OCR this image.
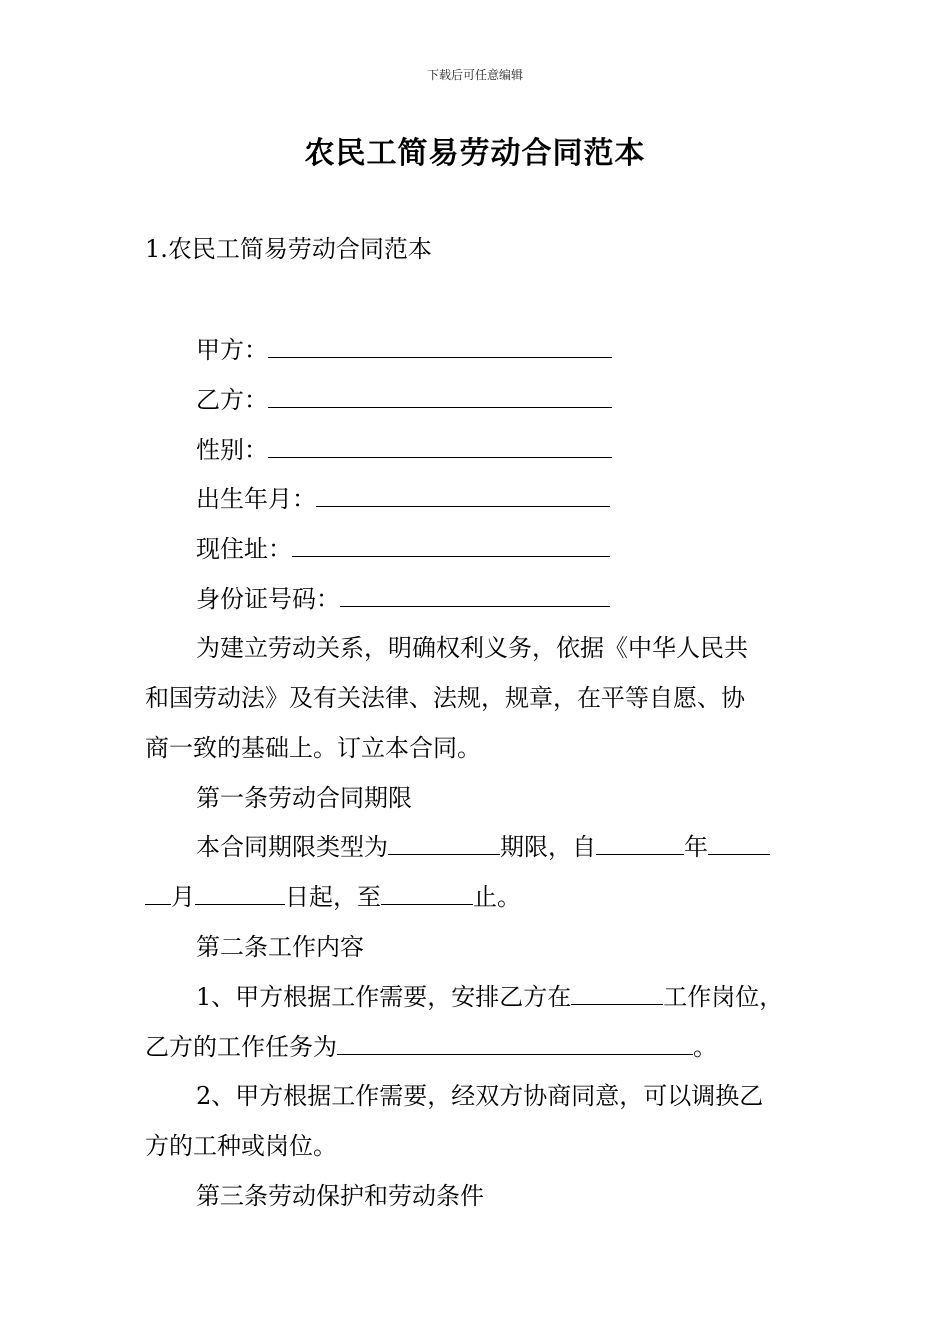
下载后可任意编辑
农民工简易劳动合同范本
1.农民工简易劳动合同范本
甲方：
乙方：
性别：
出生年月：
现住址：
身份证号码：
为建立劳动关系，明确权利义务，依据《中华人民共
和国劳动法》及有关法律、法规，规章，在平等自愿、协
商一致的基础上。订立本合同。
第一条劳动合同期限
本合同期限类型为	期限，自	年
月	日起，至	止。
第二条工作内容
1、甲方根据工作需要，安排乙方在	工作岗位，
乙方的工作任务为	。
2、甲方根据工作需要，经双方协商同意，可以调换乙
方的工种或岗位。
第三条劳动保护和劳动条件
